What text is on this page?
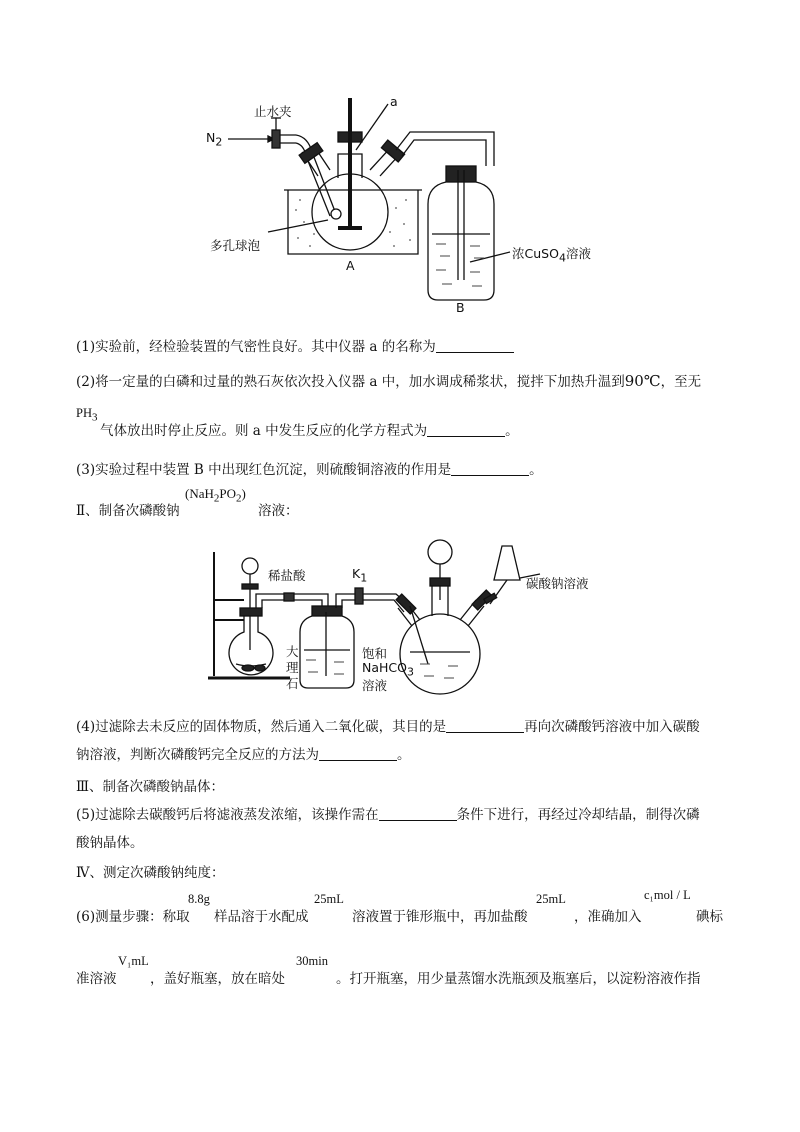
$N_2$
止水夹
a
多孔球泡
A
B
浓CuSO$_4$溶液
(1)实验前，经检验装置的气密性良好。其中仪器 a 的名称为
(2)将一定量的白磷和过量的熟石灰依次投入仪器 a 中，加水调成稀浆状，搅拌下加热升温到90℃，至无
$PH_3$
气体放出时停止反应。则 a 中发生反应的化学方程式为	。
(3)实验过程中装置 B 中出现红色沉淀，则硫酸铜溶液的作用是	。
Ⅱ、制备次磷酸钠
$(NaH_2PO_2)$
溶液：
稀盐酸	$K_1$	碳酸钠溶液
大
理
石
饱和
NaHCO$_3$
溶液
(4)过滤除去未反应的固体物质，然后通入二氧化碳，其目的是	再向次磷酸钙溶液中加入碳酸
钠溶液，判断次磷酸钙完全反应的方法为	。
Ⅲ、制备次磷酸钠晶体：
(5)过滤除去碳酸钙后将滤液蒸发浓缩，该操作需在	条件下进行，再经过冷却结晶，制得次磷
酸钠晶体。
Ⅳ、测定次磷酸钠纯度：
(6)测量步骤：称取
8.8g
样品溶于水配成
25mL
溶液置于锥形瓶中，再加盐酸
25mL
，准确加入
c₁mol / L
碘标
准溶液
V₁mL
，盖好瓶塞，放在暗处
30min
。打开瓶塞，用少量蒸馏水洗瓶颈及瓶塞后，以淀粉溶液作指
